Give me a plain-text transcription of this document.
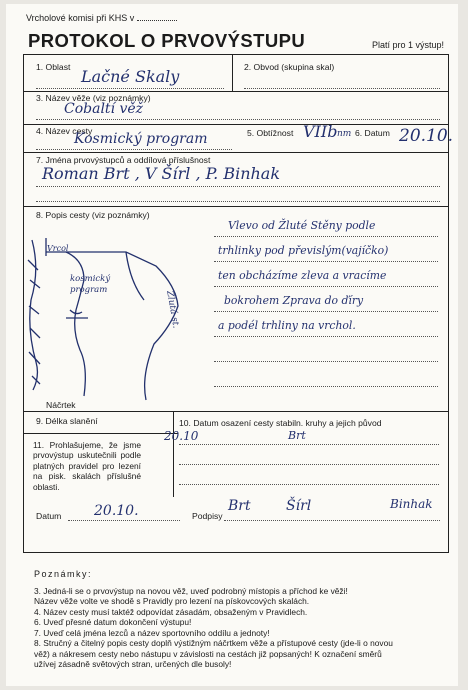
Vrcholové komisi při KHS v
PROTOKOL O PRVOVÝSTUPU	Platí pro 1 výstup!
1. Oblast Lačné Skaly	2. Obvod (skupina skal)
3. Název věže (viz poznámky)
Cobaltí věž
4. Název cesty
Kosmický program	5. Obtížnost VIIb nm 6. Datum 20.10.
7. Jména prvovýstupců a oddílová příslušnost
Roman Brt , V Šírl , P. Binhak
8. Popis cesty (viz poznámky)
Vrcol
kosmický program	Žlutá st.
Náčrtek
Vlevo od Žluté Stěny podle
trhlinky pod převislým(vajíčko)
ten obcházíme zleva a vracíme
bokrohem Zprava do ďíry
a podél trhliny na vrchol.
9. Délka slanění	10. Datum osazení cesty stabiln. kruhy a jejich původ
20.10	Brt
11. Prohlašujeme, že jsme prvovýstup uskutečnili podle platných pravidel pro lezení na pisk. skalách příslušné oblasti.
Datum 20.10.	Podpisy
Brt	Šírl	Binhak
Poznámky:
3. Jedná-li se o prvovýstup na novou věž, uveď podrobný místopis a příchod ke věži!
Název věže volte ve shodě s Pravidly pro lezení na pískovcových skalách.
4. Název cesty musí taktéž odpovídat zásadám, obsaženým v Pravidlech.
6. Uveď přesné datum dokončení výstupu!
7. Uveď celá jména lezců a název sportovního oddílu a jednoty!
8. Stručný a čitelný popis cesty doplň výstižným náčrtkem věže a přístupové cesty (jde-li o novou
věž) a nákresem cesty nebo nástupu v závislosti na cestách již popsaných! K označení směrů
užívej zásadně světových stran, určených dle busoly!
